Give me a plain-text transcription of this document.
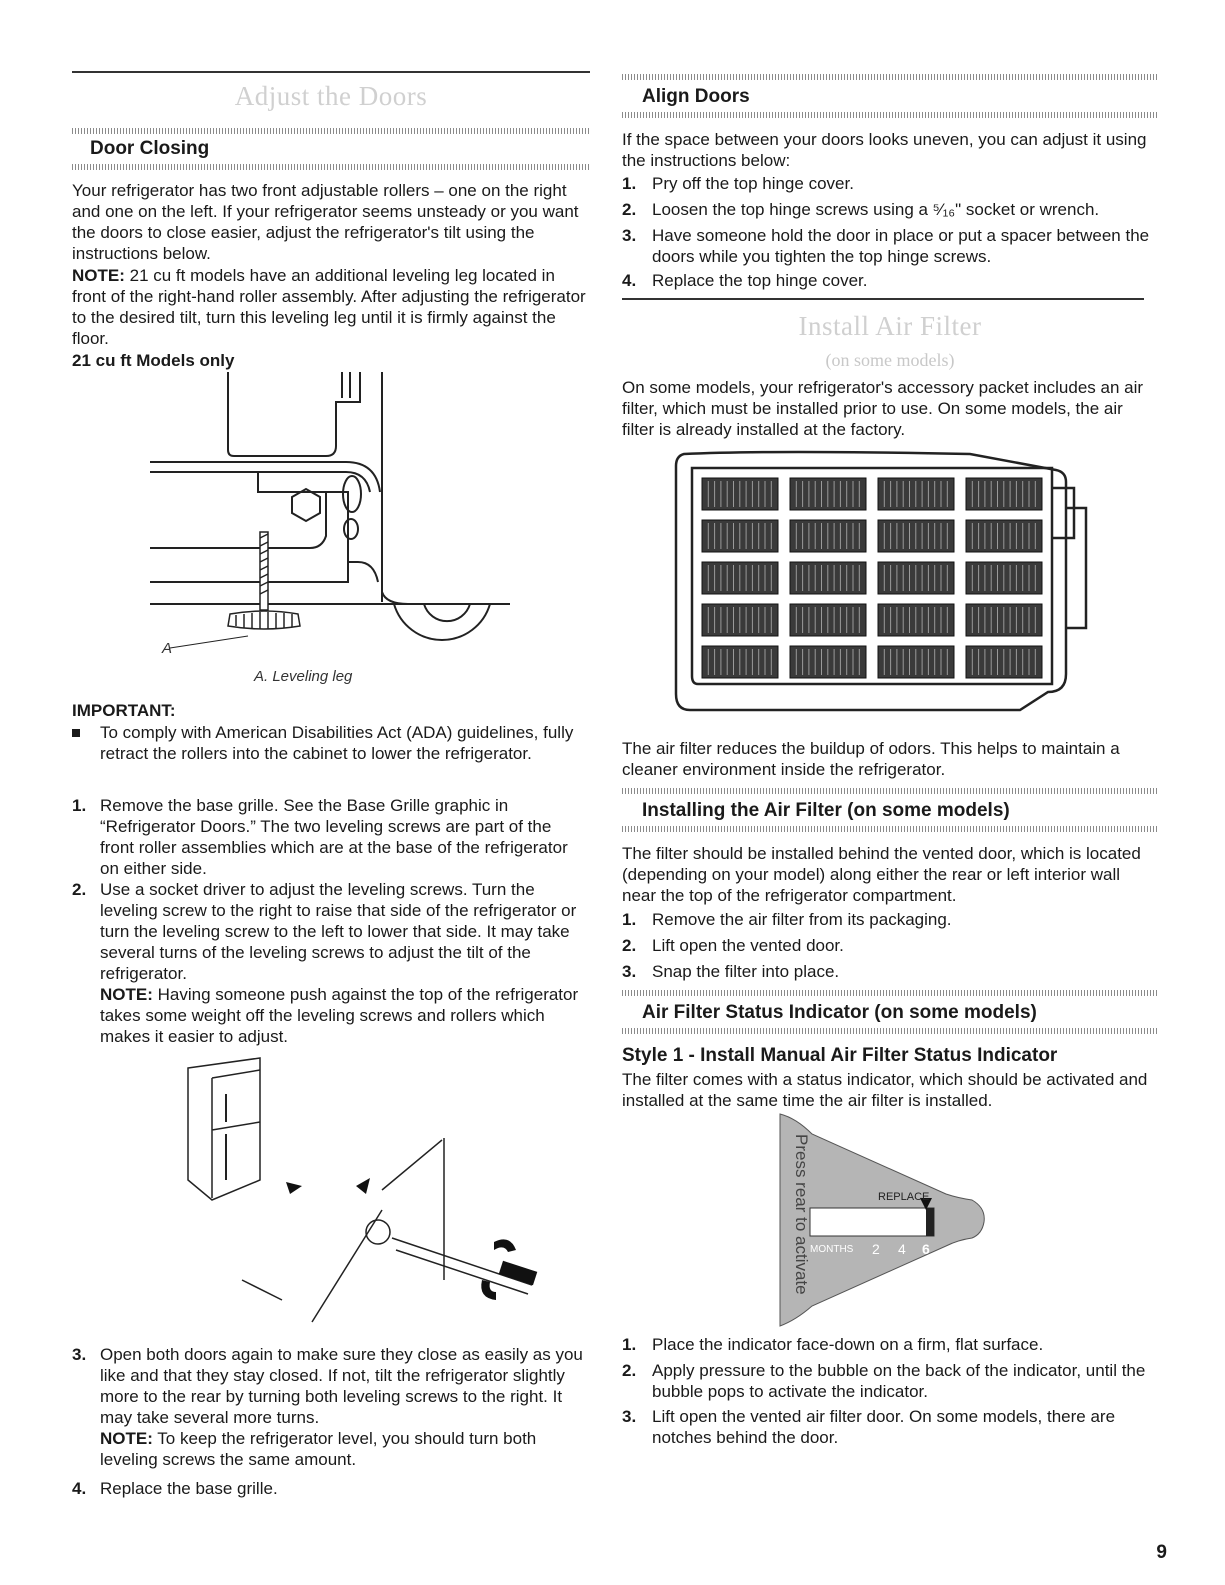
Adjust the Doors
Door Closing
Your refrigerator has two front adjustable rollers – one on the right and one on the left. If your refrigerator seems unsteady or you want the doors to close easier, adjust the refrigerator's tilt using the instructions below.
NOTE: 21 cu ft models have an additional leveling leg located in front of the right-hand roller assembly. After adjusting the refrigerator to the desired tilt, turn this leveling leg until it is firmly against the floor.
21 cu ft Models only
A
A. Leveling leg
IMPORTANT:
To comply with American Disabilities Act (ADA) guidelines, fully retract the rollers into the cabinet to lower the refrigerator.
1. Remove the base grille. See the Base Grille graphic in “Refrigerator Doors.” The two leveling screws are part of the front roller assemblies which are at the base of the refrigerator on either side.
2. Use a socket driver to adjust the leveling screws. Turn the leveling screw to the right to raise that side of the refrigerator or turn the leveling screw to the left to lower that side. It may take several turns of the leveling screws to adjust the tilt of the refrigerator.
NOTE: Having someone push against the top of the refrigerator takes some weight off the leveling screws and rollers which makes it easier to adjust.
3. Open both doors again to make sure they close as easily as you like and that they stay closed. If not, tilt the refrigerator slightly more to the rear by turning both leveling screws to the right. It may take several more turns.
NOTE: To keep the refrigerator level, you should turn both leveling screws the same amount.
4. Replace the base grille.
Align Doors
If the space between your doors looks uneven, you can adjust it using the instructions below:
1. Pry off the top hinge cover.
2. Loosen the top hinge screws using a ⁵⁄₁₆" socket or wrench.
3. Have someone hold the door in place or put a spacer between the doors while you tighten the top hinge screws.
4. Replace the top hinge cover.
Install Air Filter
(on some models)
On some models, your refrigerator's accessory packet includes an air filter, which must be installed prior to use. On some models, the air filter is already installed at the factory.
The air filter reduces the buildup of odors. This helps to maintain a cleaner environment inside the refrigerator.
Installing the Air Filter (on some models)
The filter should be installed behind the vented door, which is located (depending on your model) along either the rear or left interior wall near the top of the refrigerator compartment.
1. Remove the air filter from its packaging.
2. Lift open the vented door.
3. Snap the filter into place.
Air Filter Status Indicator (on some models)
Style 1 - Install Manual Air Filter Status Indicator
The filter comes with a status indicator, which should be activated and installed at the same time the air filter is installed.
Press rear to activate	REPLACE
MONTHS 2 4 6
1. Place the indicator face-down on a firm, flat surface.
2. Apply pressure to the bubble on the back of the indicator, until the bubble pops to activate the indicator.
3. Lift open the vented air filter door. On some models, there are notches behind the door.
9
